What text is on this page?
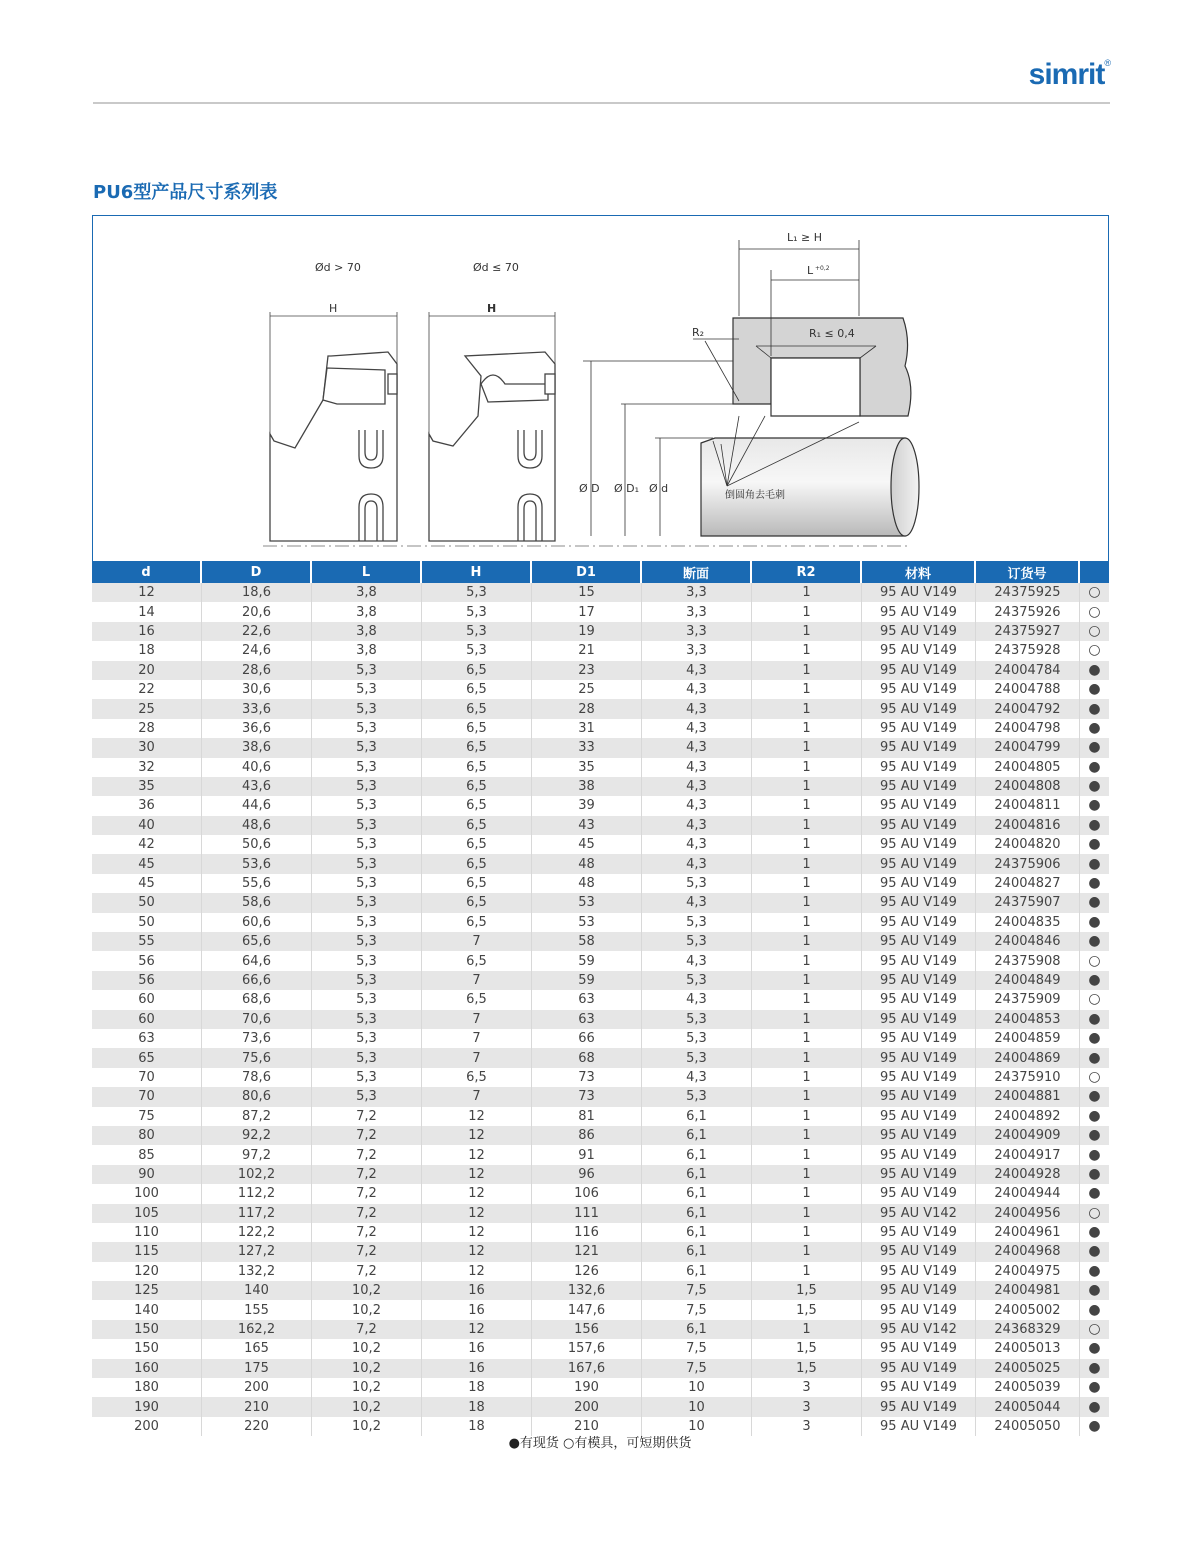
simrit®
PU6型产品尺寸系列表
Ød > 70	Ød ≤ 70
H	H
L₁ ≥ H
L +0,2
R₂	R₁ ≤ 0,4
Ø D Ø D₁ Ø d
倒圆角去毛刺
d	D	L	H	D1	断面	R2	材料	订货号	
12	18,6	3,8	5,3	15	3,3	1	95 AU V149	24375925	○
14	20,6	3,8	5,3	17	3,3	1	95 AU V149	24375926	○
16	22,6	3,8	5,3	19	3,3	1	95 AU V149	24375927	○
18	24,6	3,8	5,3	21	3,3	1	95 AU V149	24375928	○
20	28,6	5,3	6,5	23	4,3	1	95 AU V149	24004784	●
22	30,6	5,3	6,5	25	4,3	1	95 AU V149	24004788	●
25	33,6	5,3	6,5	28	4,3	1	95 AU V149	24004792	●
28	36,6	5,3	6,5	31	4,3	1	95 AU V149	24004798	●
30	38,6	5,3	6,5	33	4,3	1	95 AU V149	24004799	●
32	40,6	5,3	6,5	35	4,3	1	95 AU V149	24004805	●
35	43,6	5,3	6,5	38	4,3	1	95 AU V149	24004808	●
36	44,6	5,3	6,5	39	4,3	1	95 AU V149	24004811	●
40	48,6	5,3	6,5	43	4,3	1	95 AU V149	24004816	●
42	50,6	5,3	6,5	45	4,3	1	95 AU V149	24004820	●
45	53,6	5,3	6,5	48	4,3	1	95 AU V149	24375906	●
45	55,6	5,3	6,5	48	5,3	1	95 AU V149	24004827	●
50	58,6	5,3	6,5	53	4,3	1	95 AU V149	24375907	●
50	60,6	5,3	6,5	53	5,3	1	95 AU V149	24004835	●
55	65,6	5,3	7	58	5,3	1	95 AU V149	24004846	●
56	64,6	5,3	6,5	59	4,3	1	95 AU V149	24375908	○
56	66,6	5,3	7	59	5,3	1	95 AU V149	24004849	●
60	68,6	5,3	6,5	63	4,3	1	95 AU V149	24375909	○
60	70,6	5,3	7	63	5,3	1	95 AU V149	24004853	●
63	73,6	5,3	7	66	5,3	1	95 AU V149	24004859	●
65	75,6	5,3	7	68	5,3	1	95 AU V149	24004869	●
70	78,6	5,3	6,5	73	4,3	1	95 AU V149	24375910	○
70	80,6	5,3	7	73	5,3	1	95 AU V149	24004881	●
75	87,2	7,2	12	81	6,1	1	95 AU V149	24004892	●
80	92,2	7,2	12	86	6,1	1	95 AU V149	24004909	●
85	97,2	7,2	12	91	6,1	1	95 AU V149	24004917	●
90	102,2	7,2	12	96	6,1	1	95 AU V149	24004928	●
100	112,2	7,2	12	106	6,1	1	95 AU V149	24004944	●
105	117,2	7,2	12	111	6,1	1	95 AU V142	24004956	○
110	122,2	7,2	12	116	6,1	1	95 AU V149	24004961	●
115	127,2	7,2	12	121	6,1	1	95 AU V149	24004968	●
120	132,2	7,2	12	126	6,1	1	95 AU V149	24004975	●
125	140	10,2	16	132,6	7,5	1,5	95 AU V149	24004981	●
140	155	10,2	16	147,6	7,5	1,5	95 AU V149	24005002	●
150	162,2	7,2	12	156	6,1	1	95 AU V142	24368329	○
150	165	10,2	16	157,6	7,5	1,5	95 AU V149	24005013	●
160	175	10,2	16	167,6	7,5	1,5	95 AU V149	24005025	●
180	200	10,2	18	190	10	3	95 AU V149	24005039	●
190	210	10,2	18	200	10	3	95 AU V149	24005044	●
200	220	10,2	18	210	10	3	95 AU V149	24005050	●
●有现货 ○有模具，可短期供货
